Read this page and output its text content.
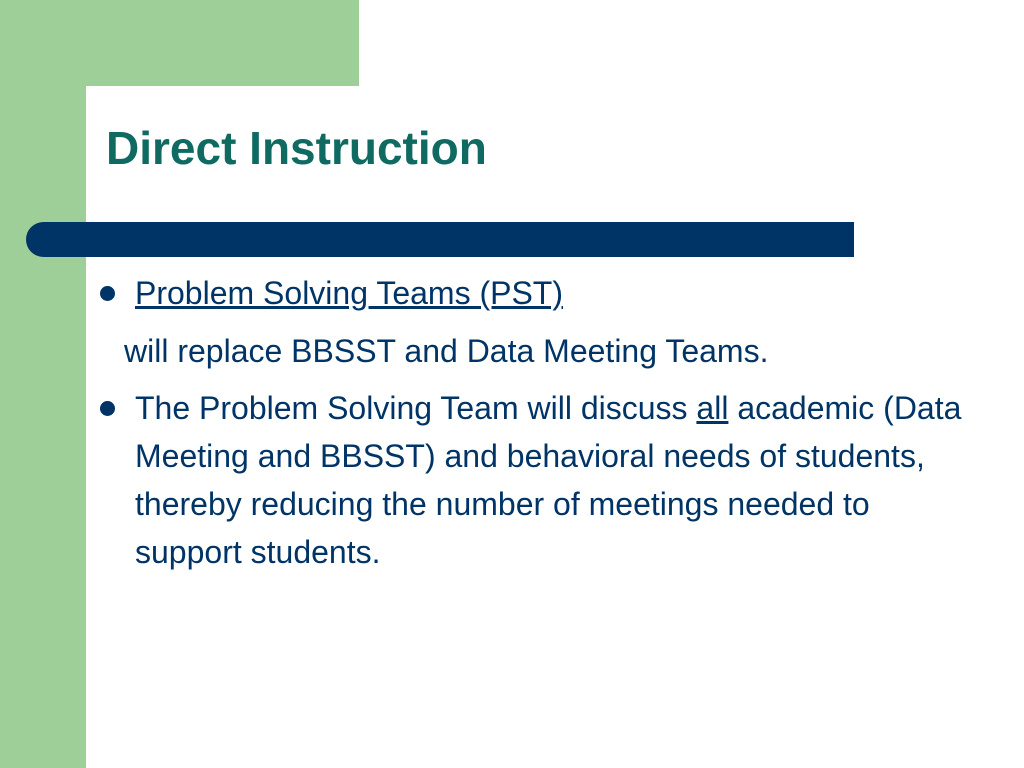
Direct Instruction
Problem Solving Teams (PST)
will replace BBSST and Data Meeting Teams.
The Problem Solving Team will discuss all academic (Data Meeting and BBSST) and behavioral needs of students, thereby reducing the number of meetings needed to support students.
